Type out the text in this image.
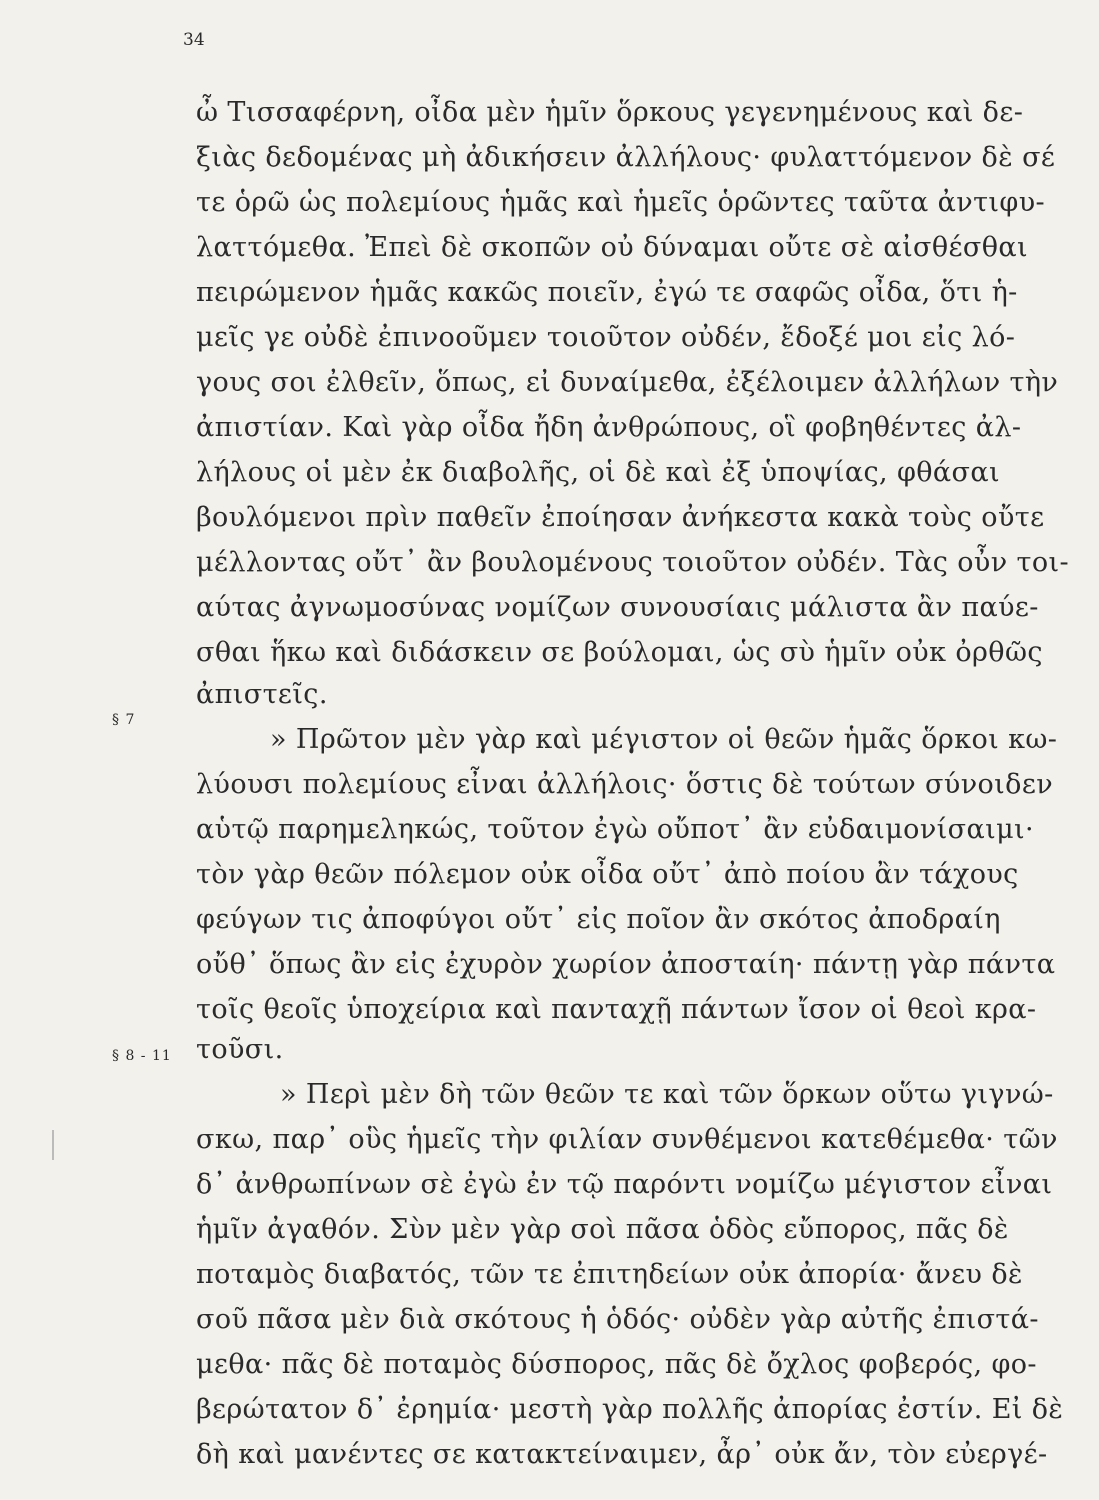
34
ὦ Τισσαφέρνη, οἶδα μὲν ἡμῖν ὅρκους γεγενημένους καὶ δε-
ξιὰς δεδομένας μὴ ἀδικήσειν ἀλλήλους· φυλαττόμενον δὲ σέ
τε ὁρῶ ὡς πολεμίους ἡμᾶς καὶ ἡμεῖς ὁρῶντες ταῦτα ἀντιφυ-
λαττόμεθα. Ἐπεὶ δὲ σκοπῶν οὐ δύναμαι οὔτε σὲ αἰσθέσθαι
πειρώμενον ἡμᾶς κακῶς ποιεῖν, ἐγώ τε σαφῶς οἶδα, ὅτι ἡ-
μεῖς γε οὐδὲ ἐπινοοῦμεν τοιοῦτον οὐδέν, ἔδοξέ μοι εἰς λό-
γους σοι ἐλθεῖν, ὅπως, εἰ δυναίμεθα, ἐξέλοιμεν ἀλλήλων τὴν
ἀπιστίαν. Καὶ γὰρ οἶδα ἤδη ἀνθρώπους, οἳ φοβηθέντες ἀλ-
λήλους οἱ μὲν ἐκ διαβολῆς, οἱ δὲ καὶ ἐξ ὑποψίας, φθάσαι
βουλόμενοι πρὶν παθεῖν ἐποίησαν ἀνήκεστα κακὰ τοὺς οὔτε
μέλλοντας οὔτ᾽ ἂν βουλομένους τοιοῦτον οὐδέν. Τὰς οὖν τοι-
αύτας ἀγνωμοσύνας νομίζων συνουσίαις μάλιστα ἂν παύε-
σθαι ἥκω καὶ διδάσκειν σε βούλομαι, ὡς σὺ ἡμῖν οὐκ ὀρθῶς
ἀπιστεῖς.
» Πρῶτον μὲν γὰρ καὶ μέγιστον οἱ θεῶν ἡμᾶς ὅρκοι κω-
λύουσι πολεμίους εἶναι ἀλλήλοις· ὅστις δὲ τούτων σύνοιδεν
αὑτῷ παρημεληκώς, τοῦτον ἐγὼ οὔποτ᾽ ἂν εὐδαιμονίσαιμι·
τὸν γὰρ θεῶν πόλεμον οὐκ οἶδα οὔτ᾽ ἀπὸ ποίου ἂν τάχους
φεύγων τις ἀποφύγοι οὔτ᾽ εἰς ποῖον ἂν σκότος ἀποδραίη
οὔθ᾽ ὅπως ἂν εἰς ἐχυρὸν χωρίον ἀποσταίη· πάντῃ γὰρ πάντα
τοῖς θεοῖς ὑποχείρια καὶ πανταχῇ πάντων ἴσον οἱ θεοὶ κρα-
τοῦσι.
» Περὶ μὲν δὴ τῶν θεῶν τε καὶ τῶν ὅρκων οὕτω γιγνώ-
σκω, παρ᾽ οὓς ἡμεῖς τὴν φιλίαν συνθέμενοι κατεθέμεθα· τῶν
δ᾽ ἀνθρωπίνων σὲ ἐγὼ ἐν τῷ παρόντι νομίζω μέγιστον εἶναι
ἡμῖν ἀγαθόν. Σὺν μὲν γὰρ σοὶ πᾶσα ὁδὸς εὔπορος, πᾶς δὲ
ποταμὸς διαβατός, τῶν τε ἐπιτηδείων οὐκ ἀπορία· ἄνευ δὲ
σοῦ πᾶσα μὲν διὰ σκότους ἡ ὁδός· οὐδὲν γὰρ αὐτῆς ἐπιστά-
μεθα· πᾶς δὲ ποταμὸς δύσπορος, πᾶς δὲ ὄχλος φοβερός, φο-
βερώτατον δ᾽ ἐρημία· μεστὴ γὰρ πολλῆς ἀπορίας ἐστίν. Εἰ δὲ
δὴ καὶ μανέντες σε κατακτείναιμεν, ἆρ᾽ οὐκ ἄν, τὸν εὐεργέ-
§ 7
§ 8 - 11
